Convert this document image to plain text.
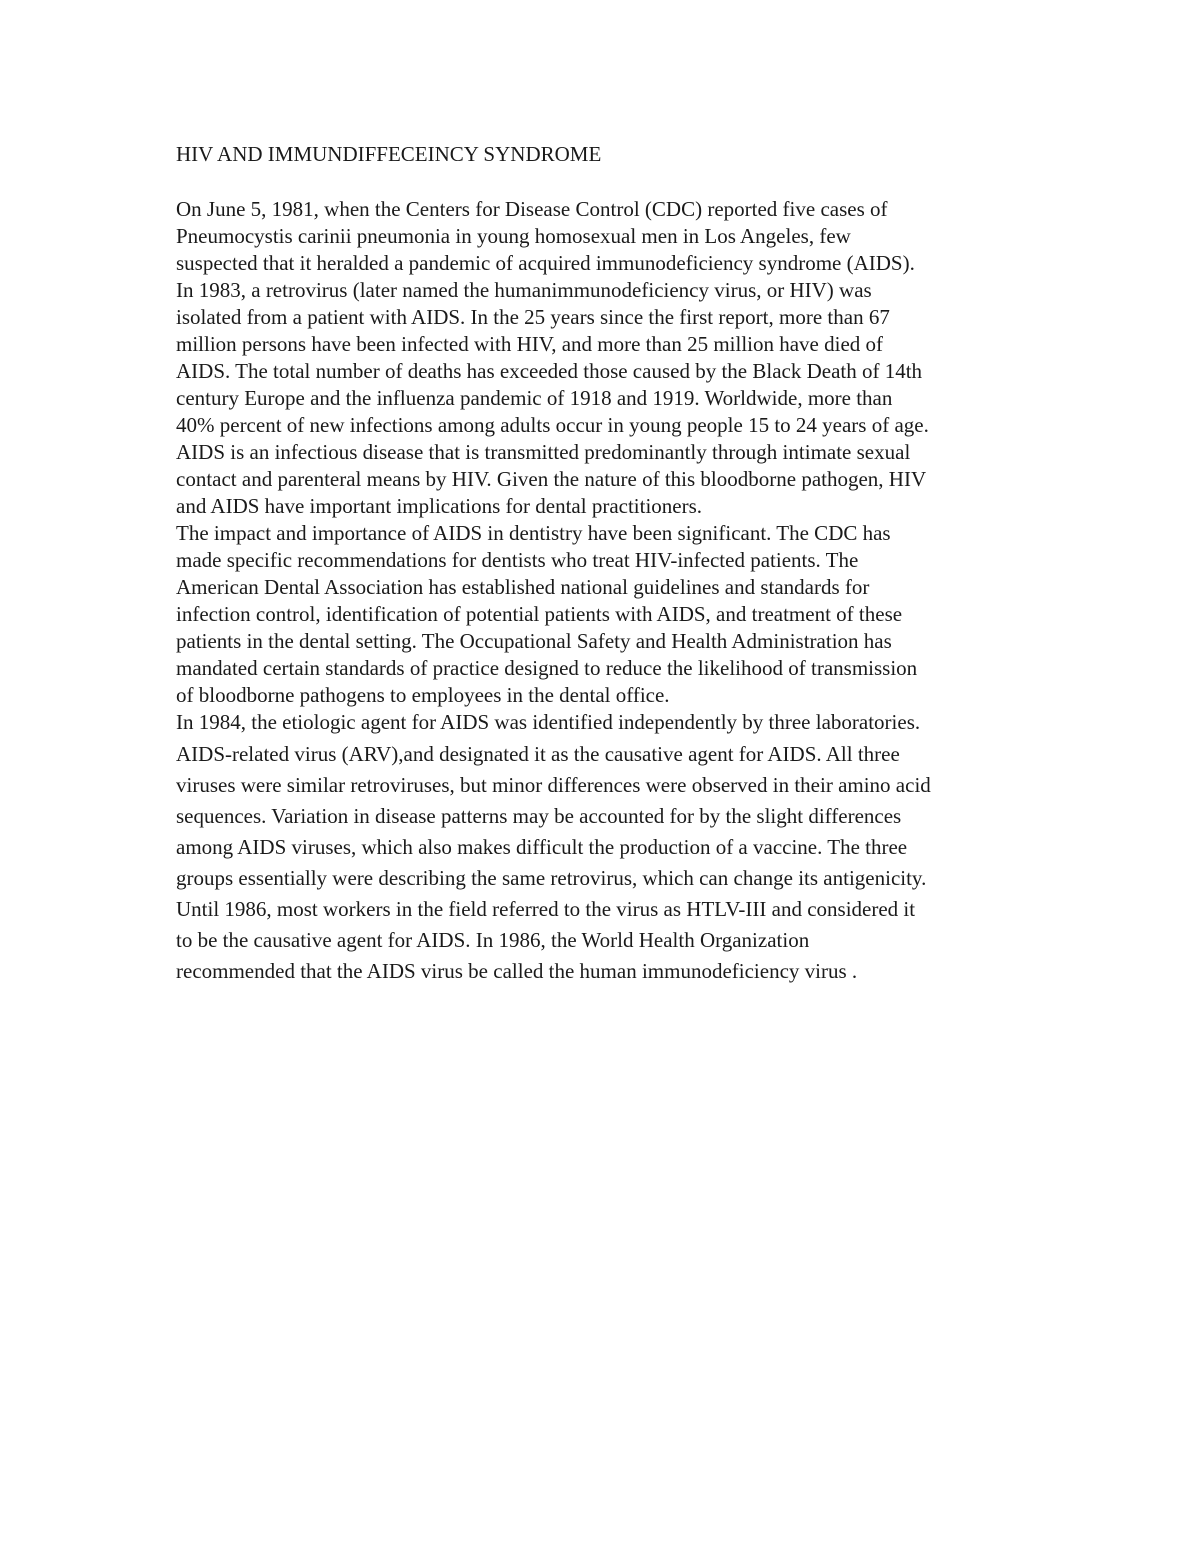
HIV AND IMMUNDIFFECEINCY SYNDROME

On June 5, 1981, when the Centers for Disease Control (CDC) reported five cases of

Pneumocystis carinii pneumonia in young homosexual men in Los Angeles, few

suspected that it heralded a pandemic of acquired immunodeficiency syndrome (AIDS).

In 1983, a retrovirus (later named the humanimmunodeficiency virus, or HIV) was

isolated from a patient with AIDS. In the 25 years since the first report, more than 67

million persons have been infected with HIV, and more than 25 million have died of

AIDS. The total number of deaths has exceeded those caused by the Black Death of 14th

century Europe and the influenza pandemic of 1918 and 1919. Worldwide, more than

40% percent of new infections among adults occur in young people 15 to 24 years of age.

AIDS is an infectious disease that is transmitted predominantly through intimate sexual

contact and parenteral means by HIV. Given the nature of this bloodborne pathogen, HIV

and AIDS have important implications for dental practitioners.

The impact and importance of AIDS in dentistry have been significant. The CDC has

made specific recommendations for dentists who treat HIV-infected patients. The

American Dental Association has established national guidelines and standards for

infection control, identification of potential patients with AIDS, and treatment of these

patients in the dental setting. The Occupational Safety and Health Administration has

mandated certain standards of practice designed to reduce the likelihood of transmission

of bloodborne pathogens to employees in the dental office.

In 1984, the etiologic agent for AIDS was identified independently by three laboratories.

AIDS-related virus (ARV),and designated it as the causative agent for AIDS. All three

viruses were similar retroviruses, but minor differences were observed in their amino acid

sequences. Variation in disease patterns may be accounted for by the slight differences

among AIDS viruses, which also makes difficult the production of a vaccine. The three

groups essentially were describing the same retrovirus, which can change its antigenicity.

Until 1986, most workers in the field referred to the virus as HTLV-III and considered it

to be the causative agent for AIDS. In 1986, the World Health Organization

recommended that the AIDS virus be called the human immunodeficiency virus .
